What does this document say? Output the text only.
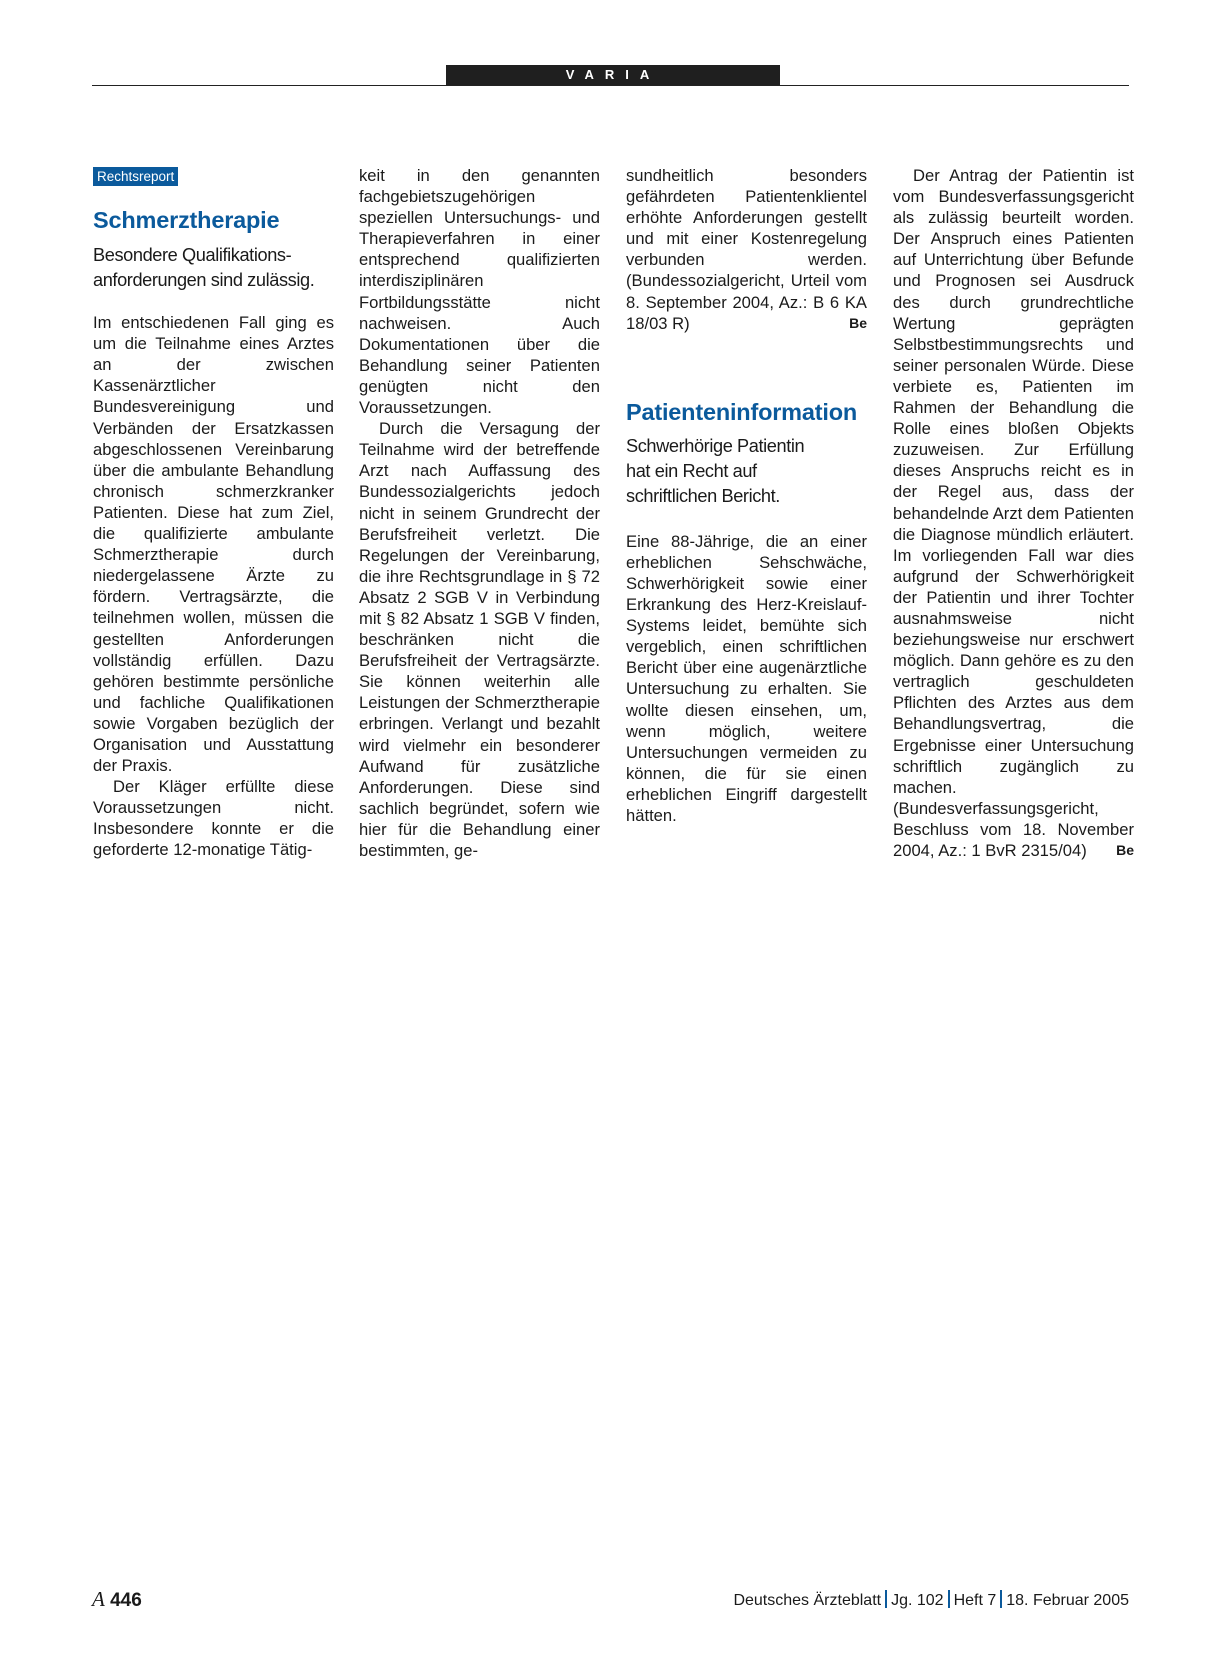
VARIA
Rechtsreport
Schmerztherapie
Besondere Qualifikations-
anforderungen sind zulässig.

Im entschiedenen Fall ging es um die Teilnahme eines Arztes an der zwischen Kassenärztlicher Bundesvereinigung und Verbänden der Ersatzkassen abgeschlossenen Vereinbarung über die ambulante Behandlung chronisch schmerzkranker Patienten. Diese hat zum Ziel, die qualifizierte ambulante Schmerztherapie durch niedergelassene Ärzte zu fördern. Vertragsärzte, die teilnehmen wollen, müssen die gestellten Anforderungen vollständig erfüllen. Dazu gehören bestimmte persönliche und fachliche Qualifikationen sowie Vorgaben bezüglich der Organisation und Ausstattung der Praxis.

Der Kläger erfüllte diese Voraussetzungen nicht. Insbesondere konnte er die geforderte 12-monatige Tätig-

keit in den genannten fachgebietszugehörigen speziellen Untersuchungs- und Therapieverfahren in einer entsprechend qualifizierten interdisziplinären Fortbildungsstätte nicht nachweisen. Auch Dokumentationen über die Behandlung seiner Patienten genügten nicht den Voraussetzungen.

Durch die Versagung der Teilnahme wird der betreffende Arzt nach Auffassung des Bundessozialgerichts jedoch nicht in seinem Grundrecht der Berufsfreiheit verletzt. Die Regelungen der Vereinbarung, die ihre Rechtsgrundlage in § 72 Absatz 2 SGB V in Verbindung mit § 82 Absatz 1 SGB V finden, beschränken nicht die Berufsfreiheit der Vertragsärzte. Sie können weiterhin alle Leistungen der Schmerztherapie erbringen. Verlangt und bezahlt wird vielmehr ein besonderer Aufwand für zusätzliche Anforderungen. Diese sind sachlich begründet, sofern wie hier für die Behandlung einer bestimmten, ge-

sundheitlich besonders gefährdeten Patientenklientel erhöhte Anforderungen gestellt und mit einer Kostenregelung verbunden werden. (Bundessozialgericht, Urteil vom 8. September 2004, Az.: B 6 KA 18/03 R)	Be
Patienteninformation
Schwerhörige Patientin
hat ein Recht auf
schriftlichen Bericht.

Eine 88-Jährige, die an einer erheblichen Sehschwäche, Schwerhörigkeit sowie einer Erkrankung des Herz-Kreislauf-Systems leidet, bemühte sich vergeblich, einen schriftlichen Bericht über eine augenärztliche Untersuchung zu erhalten. Sie wollte diesen einsehen, um, wenn möglich, weitere Untersuchungen vermeiden zu können, die für sie einen erheblichen Eingriff dargestellt hätten.

Der Antrag der Patientin ist vom Bundesverfassungsgericht als zulässig beurteilt worden. Der Anspruch eines Patienten auf Unterrichtung über Befunde und Prognosen sei Ausdruck des durch grundrechtliche Wertung geprägten Selbstbestimmungsrechts und seiner personalen Würde. Diese verbiete es, Patienten im Rahmen der Behandlung die Rolle eines bloßen Objekts zuzuweisen. Zur Erfüllung dieses Anspruchs reicht es in der Regel aus, dass der behandelnde Arzt dem Patienten die Diagnose mündlich erläutert. Im vorliegenden Fall war dies aufgrund der Schwerhörigkeit der Patientin und ihrer Tochter ausnahmsweise nicht beziehungsweise nur erschwert möglich. Dann gehöre es zu den vertraglich geschuldeten Pflichten des Arztes aus dem Behandlungsvertrag, die Ergebnisse einer Untersuchung schriftlich zugänglich zu machen. (Bundesverfassungsgericht, Beschluss vom 18. November 2004, Az.: 1 BvR 2315/04)	Be
A 446	Deutsches Ärzteblatt Jg. 102 Heft 7 18. Februar 2005
